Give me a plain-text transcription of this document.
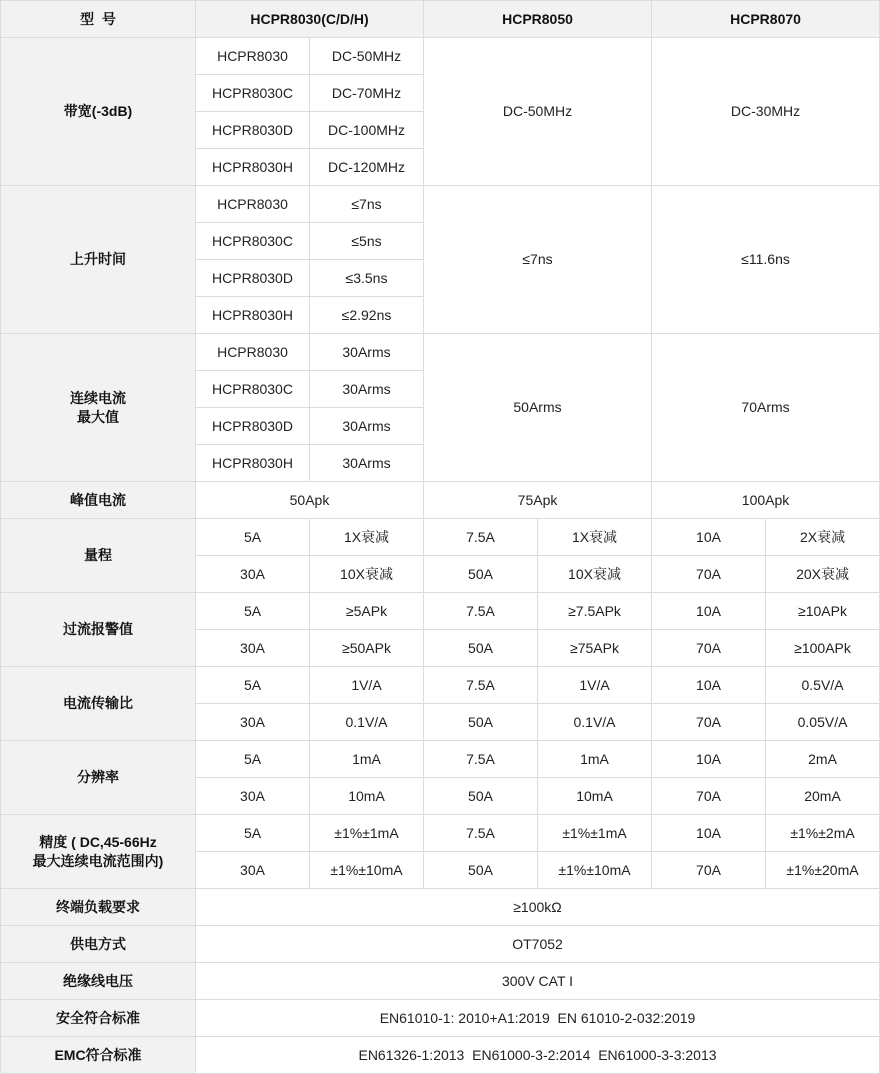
型  号	HCPR8030(C/D/H)		HCPR8050		HCPR8070	
带宽(-3dB)	HCPR8030	DC-50MHz	DC-50MHz		DC-30MHz	
	HCPR8030C	DC-70MHz				
	HCPR8030D	DC-100MHz				
	HCPR8030H	DC-120MHz				
上升时间	HCPR8030	≤7ns	≤7ns		≤11.6ns	
	HCPR8030C	≤5ns				
	HCPR8030D	≤3.5ns				
	HCPR8030H	≤2.92ns				

连续电流
最大值	HCPR8030	30Arms	50Arms		70Arms	
	HCPR8030C	30Arms				
	HCPR8030D	30Arms				
	HCPR8030H	30Arms				
峰值电流	50Apk		75Apk		100Apk	
量程	5A	1X衰减	7.5A	1X衰减	10A	2X衰减
	30A	10X衰减	50A	10X衰减	70A	20X衰减
过流报警值	5A	≥5APk	7.5A	≥7.5APk	10A	≥10APk
	30A	≥50APk	50A	≥75APk	70A	≥100APk
电流传输比	5A	1V/A	7.5A	1V/A	10A	0.5V/A
	30A	0.1V/A	50A	0.1V/A	70A	0.05V/A
分辨率	5A	1mA	7.5A	1mA	10A	2mA
	30A	10mA	50A	10mA	70A	20mA

精度 ( DC,45-66Hz
最大连续电流范围内)	5A	±1%±1mA	7.5A	±1%±1mA	10A	±1%±2mA
	30A	±1%±10mA	50A	±1%±10mA	70A	±1%±20mA
终端负载要求	≥100kΩ					
供电方式	OT7052					
绝缘线电压	300V CAT I					
安全符合标准	EN61010-1: 2010+A1:2019  EN 61010-2-032:2019					
EMC符合标准	EN61326-1:2013  EN61000-3-2:2014  EN61000-3-3:2013					
